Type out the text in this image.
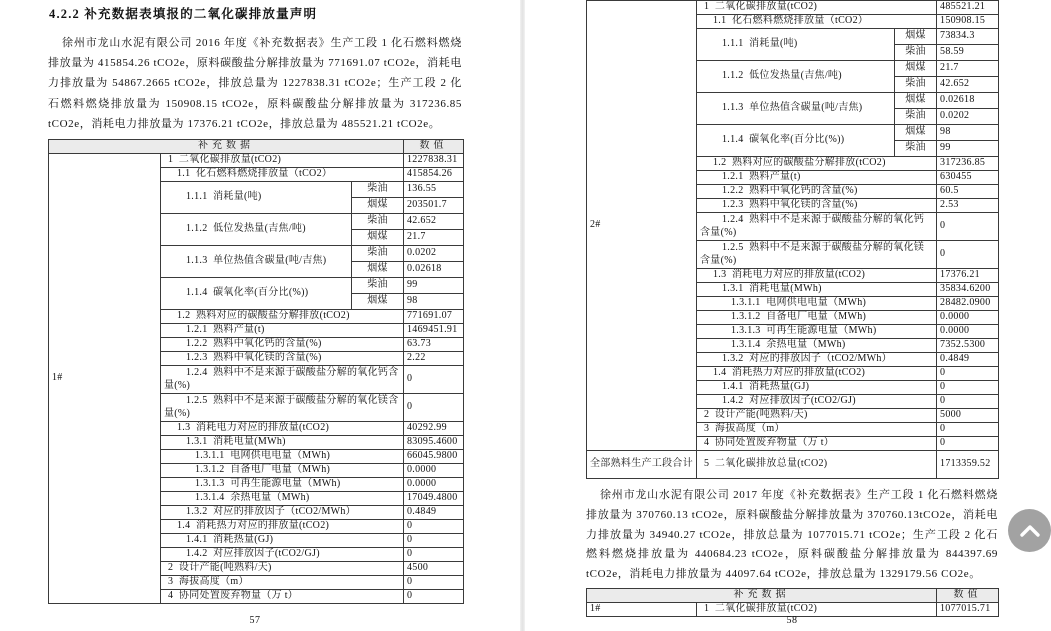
4.2.2 补充数据表填报的二氧化碳排放量声明
徐州市龙山水泥有限公司 2016 年度《补充数据表》生产工段 1 化石燃料燃烧排放量为 415854.26 tCO2e，原料碳酸盐分解排放量为 771691.07 tCO2e，消耗电力排放量为 54867.2665 tCO2e，排放总量为 1227838.31 tCO2e；生产工段 2 化石燃料燃烧排放量为 150908.15 tCO2e，原料碳酸盐分解排放量为 317236.85 tCO2e，消耗电力排放量为 17376.21 tCO2e，排放总量为 485521.21 tCO2e。
补充数据			数值
1#	1  二氧化碳排放量(tCO2)		1227838.31
	1.1  化石燃料燃烧排放量（tCO2）		415854.26
	1.1.1  消耗量(吨)	柴油	136.55
		烟煤	203501.7
	1.1.2  低位发热量(吉焦/吨)	柴油	42.652
		烟煤	21.7
	1.1.3  单位热值含碳量(吨/吉焦)	柴油	0.0202
		烟煤	0.02618
	1.1.4  碳氧化率(百分比(%))	柴油	99
		烟煤	98
	1.2  熟料对应的碳酸盐分解排放(tCO2)		771691.07
	1.2.1  熟料产量(t)		1469451.91
	1.2.2  熟料中氧化钙的含量(%)		63.73
	1.2.3  熟料中氧化镁的含量(%)		2.22
	1.2.4  熟料中不是来源于碳酸盐分解的氧化钙含量(%)		0
	1.2.5  熟料中不是来源于碳酸盐分解的氧化镁含量(%)		0
	1.3  消耗电力对应的排放量(tCO2)		40292.99
	1.3.1  消耗电量(MWh)		83095.4600
	1.3.1.1  电网供电电量（MWh)		66045.9800
	1.3.1.2  自备电厂电量（MWh)		0.0000
	1.3.1.3  可再生能源电量（MWh)		0.0000
	1.3.1.4  余热电量（MWh)		17049.4800
	1.3.2  对应的排放因子（tCO2/MWh）		0.4849
	1.4  消耗热力对应的排放量(tCO2)		0
	1.4.1  消耗热量(GJ)		0
	1.4.2  对应排放因子(tCO2/GJ)		0
	2  设计产能(吨熟料/天)		4500
	3  海拔高度（m）		0
	4  协同处置废弃物量（万 t）		0
57
2#	1  二氧化碳排放量(tCO2)		485521.21
	1.1  化石燃料燃烧排放量（tCO2）		150908.15
	1.1.1  消耗量(吨)	烟煤	73834.3
		柴油	58.59
	1.1.2  低位发热量(吉焦/吨)	烟煤	21.7
		柴油	42.652
	1.1.3  单位热值含碳量(吨/吉焦)	烟煤	0.02618
		柴油	0.0202
	1.1.4  碳氧化率(百分比(%))	烟煤	98
		柴油	99
	1.2  熟料对应的碳酸盐分解排放(tCO2)		317236.85
	1.2.1  熟料产量(t)		630455
	1.2.2  熟料中氧化钙的含量(%)		60.5
	1.2.3  熟料中氧化镁的含量(%)		2.53
	1.2.4  熟料中不是来源于碳酸盐分解的氧化钙含量(%)		0
	1.2.5  熟料中不是来源于碳酸盐分解的氧化镁含量(%)		0
	1.3  消耗电力对应的排放量(tCO2)		17376.21
	1.3.1  消耗电量(MWh)		35834.6200
	1.3.1.1  电网供电电量（MWh)		28482.0900
	1.3.1.2  自备电厂电量（MWh)		0.0000
	1.3.1.3  可再生能源电量（MWh)		0.0000
	1.3.1.4  余热电量（MWh)		7352.5300
	1.3.2  对应的排放因子（tCO2/MWh）		0.4849
	1.4  消耗热力对应的排放量(tCO2)		0
	1.4.1  消耗热量(GJ)		0
	1.4.2  对应排放因子(tCO2/GJ)		0
	2  设计产能(吨熟料/天)		5000
	3  海拔高度（m）		0
	4  协同处置废弃物量（万 t）		0
全部熟料生产工段合计	5  二氧化碳排放总量(tCO2)		1713359.52
徐州市龙山水泥有限公司 2017 年度《补充数据表》生产工段 1 化石燃料燃烧排放量为 370760.13 tCO2e，原料碳酸盐分解排放量为 370760.13tCO2e，消耗电力排放量为 34940.27 tCO2e，排放总量为 1077015.71 tCO2e；生产工段 2 化石燃料燃烧排放量为 440684.23 tCO2e，原料碳酸盐分解排放量为 844397.69 tCO2e，消耗电力排放量为 44097.64 tCO2e，排放总量为 1329179.56 CO2e。
补充数据		数值
1#	1  二氧化碳排放量(tCO2)	1077015.71
58
